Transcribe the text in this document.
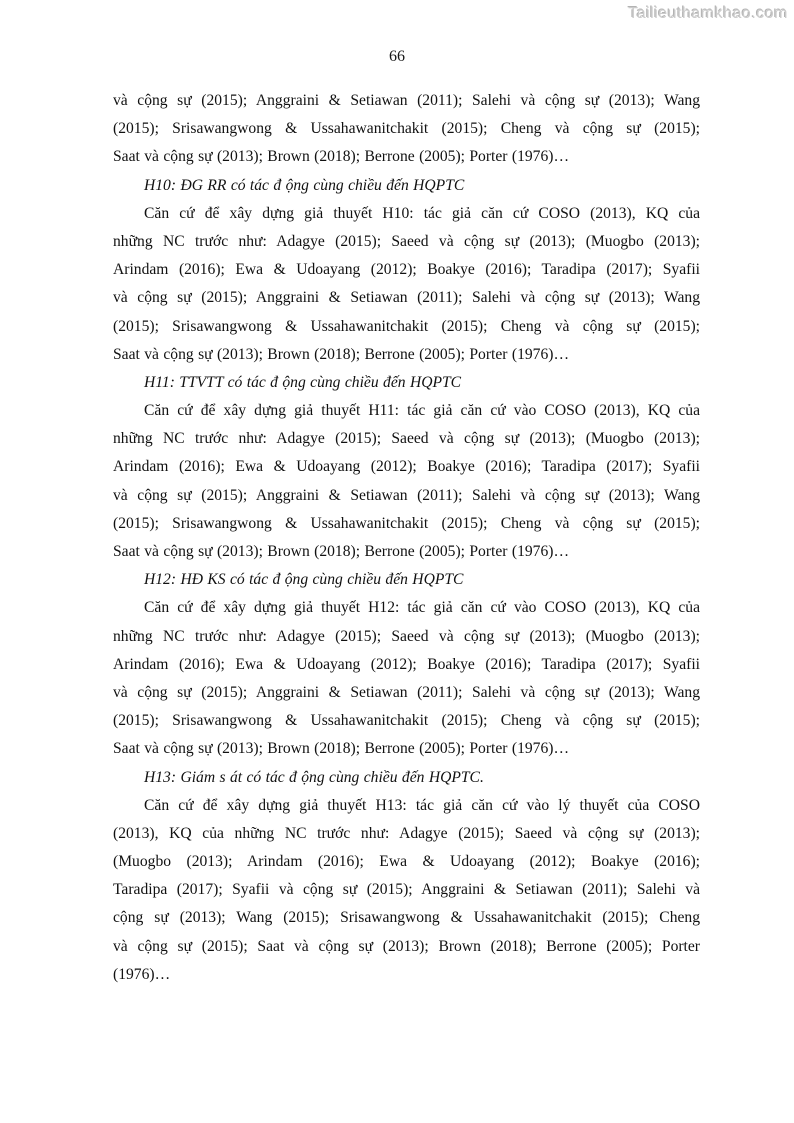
Tailieuthamkhao.com
66
và cộng sự (2015); Anggraini & Setiawan (2011); Salehi và cộng sự (2013); Wang
(2015); Srisawangwong & Ussahawanitchakit (2015); Cheng và cộng sự (2015);
Saat và cộng sự (2013); Brown (2018); Berrone (2005); Porter (1976)…
H10: ĐG RR có tác đ ộng cùng chiều đến HQPTC
Căn cứ để xây dựng giả thuyết H10: tác giả căn cứ COSO (2013), KQ của
những NC trước như: Adagye (2015); Saeed và cộng sự (2013); (Muogbo (2013);
Arindam (2016); Ewa & Udoayang (2012); Boakye (2016); Taradipa (2017); Syafii
và cộng sự (2015); Anggraini & Setiawan (2011); Salehi và cộng sự (2013); Wang
(2015); Srisawangwong & Ussahawanitchakit (2015); Cheng và cộng sự (2015);
Saat và cộng sự (2013); Brown (2018); Berrone (2005); Porter (1976)…
H11: TTVTT có tác đ ộng cùng chiều đến HQPTC
Căn cứ để xây dựng giả thuyết H11: tác giả căn cứ vào COSO (2013), KQ của
những NC trước như: Adagye (2015); Saeed và cộng sự (2013); (Muogbo (2013);
Arindam (2016); Ewa & Udoayang (2012); Boakye (2016); Taradipa (2017); Syafii
và cộng sự (2015); Anggraini & Setiawan (2011); Salehi và cộng sự (2013); Wang
(2015); Srisawangwong & Ussahawanitchakit (2015); Cheng và cộng sự (2015);
Saat và cộng sự (2013); Brown (2018); Berrone (2005); Porter (1976)…
H12: HĐ KS có tác đ ộng cùng chiều đến HQPTC
Căn cứ để xây dựng giả thuyết H12: tác giả căn cứ vào COSO (2013), KQ của
những NC trước như: Adagye (2015); Saeed và cộng sự (2013); (Muogbo (2013);
Arindam (2016); Ewa & Udoayang (2012); Boakye (2016); Taradipa (2017); Syafii
và cộng sự (2015); Anggraini & Setiawan (2011); Salehi và cộng sự (2013); Wang
(2015); Srisawangwong & Ussahawanitchakit (2015); Cheng và cộng sự (2015);
Saat và cộng sự (2013); Brown (2018); Berrone (2005); Porter (1976)…
H13: Giám s át có tác đ ộng cùng chiều đến HQPTC.
Căn cứ để xây dựng giả thuyết H13: tác giả căn cứ vào lý thuyết của COSO
(2013), KQ của những NC trước như: Adagye (2015); Saeed và cộng sự (2013);
(Muogbo (2013); Arindam (2016); Ewa & Udoayang (2012); Boakye (2016);
Taradipa (2017); Syafii và cộng sự (2015); Anggraini & Setiawan (2011); Salehi và
cộng sự (2013); Wang (2015); Srisawangwong & Ussahawanitchakit (2015); Cheng
và cộng sự (2015); Saat và cộng sự (2013); Brown (2018); Berrone (2005); Porter
(1976)…
